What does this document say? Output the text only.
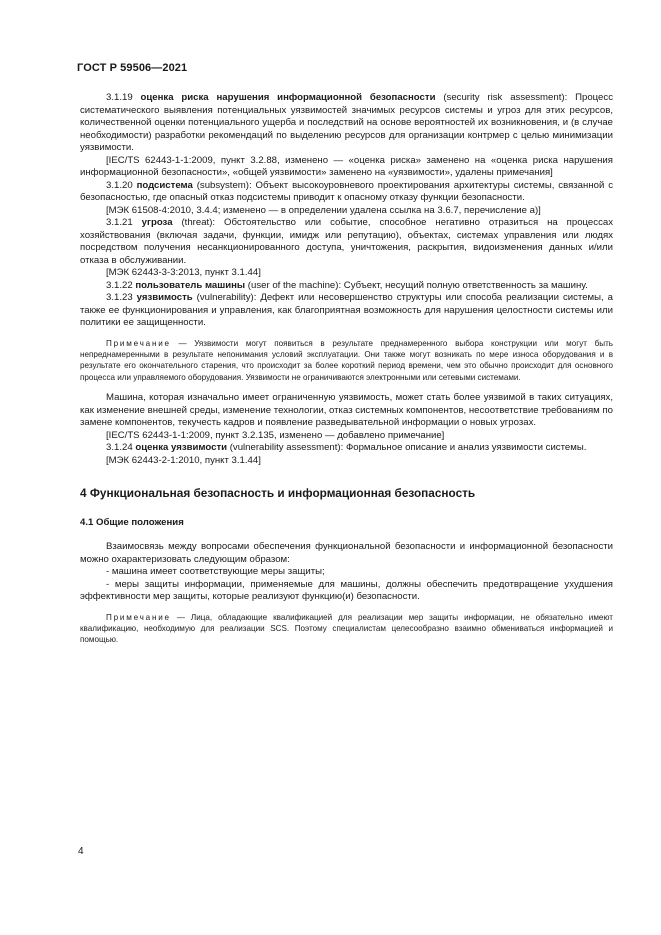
ГОСТ Р 59506—2021

3.1.19 оценка риска нарушения информационной безопасности (security risk assessment): Процесс систематического выявления потенциальных уязвимостей значимых ресурсов системы и угроз для этих ресурсов, количественной оценки потенциального ущерба и последствий на основе вероятностей их возникновения, и (в случае необходимости) разработки рекомендаций по выделению ресурсов для организации контрмер с целью минимизации уязвимости.

[IEC/TS 62443-1-1:2009, пункт 3.2.88, изменено — «оценка риска» заменено на «оценка риска нарушения информационной безопасности», «общей уязвимости» заменено на «уязвимости», удалены примечания]

3.1.20 подсистема (subsystem): Объект высокоуровневого проектирования архитектуры системы, связанной с безопасностью, где опасный отказ подсистемы приводит к опасному отказу функции безопасности.

[МЭК 61508-4:2010, 3.4.4; изменено — в определении удалена ссылка на 3.6.7, перечисление а)]

3.1.21 угроза (threat): Обстоятельство или событие, способное негативно отразиться на процессах хозяйствования (включая задачи, функции, имидж или репутацию), объектах, системах управления или людях посредством получения несанкционированного доступа, уничтожения, раскрытия, видоизменения данных и/или отказа в обслуживании.

[МЭК 62443-3-3:2013, пункт 3.1.44]

3.1.22 пользователь машины (user of the machine): Субъект, несущий полную ответственность за машину.

3.1.23 уязвимость (vulnerability): Дефект или несовершенство структуры или способа реализации системы, а также ее функционирования и управления, как благоприятная возможность для нарушения целостности системы или политики ее защищенности.

Примечание — Уязвимости могут появиться в результате преднамеренного выбора конструкции или могут быть непреднамеренными в результате непонимания условий эксплуатации. Они также могут возникать по мере износа оборудования и в результате его окончательного старения, что происходит за более короткий период времени, чем это обычно происходит для основного процесса или управляемого оборудования. Уязвимости не ограничиваются электронными или сетевыми системами.

Машина, которая изначально имеет ограниченную уязвимость, может стать более уязвимой в таких ситуациях, как изменение внешней среды, изменение технологии, отказ системных компонентов, несоответствие требованиям по замене компонентов, текучесть кадров и появление разведывательной информации о новых угрозах.

[IEC/TS 62443-1-1:2009, пункт 3.2.135, изменено — добавлено примечание]

3.1.24 оценка уязвимости (vulnerability assessment): Формальное описание и анализ уязвимости системы.

[МЭК 62443-2-1:2010, пункт 3.1.44]

4 Функциональная безопасность и информационная безопасность
4.1 Общие положения

Взаимосвязь между вопросами обеспечения функциональной безопасности и информационной безопасности можно охарактеризовать следующим образом:

- машина имеет соответствующие меры защиты;

- меры защиты информации, применяемые для машины, должны обеспечить предотвращение ухудшения эффективности мер защиты, которые реализуют функцию(и) безопасности.

Примечание — Лица, обладающие квалификацией для реализации мер защиты информации, не обязательно имеют квалификацию, необходимую для реализации SCS. Поэтому специалистам целесообразно взаимно обмениваться информацией и помощью.

4
